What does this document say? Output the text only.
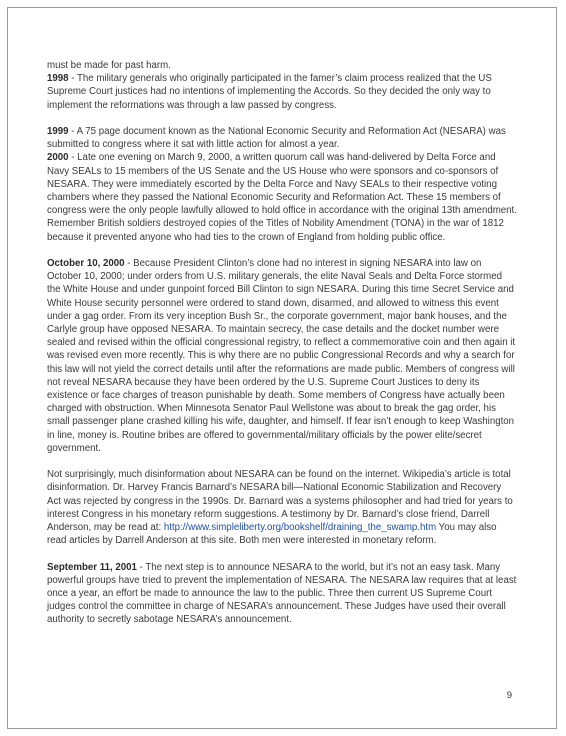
must be made for past harm.

1998 - The military generals who originally participated in the famer’s claim process realized that the US Supreme Court justices had no intentions of implementing the Accords. So they decided the only way to implement the reformations was through a law passed by congress.

1999 - A 75 page document known as the National Economic Security and Reformation Act (NESARA) was submitted to congress where it sat with little action for almost a year.

2000 - Late one evening on March 9, 2000, a written quorum call was hand-delivered by Delta Force and Navy SEALs to 15 members of the US Senate and the US House who were sponsors and co-sponsors of NESARA. They were immediately escorted by the Delta Force and Navy SEALs to their respective voting chambers where they passed the National Economic Security and Reformation Act. These 15 members of congress were the only people lawfully allowed to hold office in accordance with the original 13th amendment. Remember British soldiers destroyed copies of the Titles of Nobility Amendment (TONA) in the war of 1812 because it prevented anyone who had ties to the crown of England from holding public office.

October 10, 2000 - Because President Clinton’s clone had no interest in signing NESARA into law on October 10, 2000; under orders from U.S. military generals, the elite Naval Seals and Delta Force stormed the White House and under gunpoint forced Bill Clinton to sign NESARA. During this time Secret Service and White House security personnel were ordered to stand down, disarmed, and allowed to witness this event under a gag order. From its very inception Bush Sr., the corporate government, major bank houses, and the Carlyle group have opposed NESARA. To maintain secrecy, the case details and the docket number were sealed and revised within the official congressional registry, to reflect a commemorative coin and then again it was revised even more recently. This is why there are no public Congressional Records and why a search for this law will not yield the correct details until after the reformations are made public. Members of congress will not reveal NESARA because they have been ordered by the U.S. Supreme Court Justices to deny its existence or face charges of treason punishable by death. Some members of Congress have actually been charged with obstruction. When Minnesota Senator Paul Wellstone was about to break the gag order, his small passenger plane crashed killing his wife, daughter, and himself. If fear isn’t enough to keep Washington in line, money is. Routine bribes are offered to governmental/military officials by the power elite/secret government.

Not surprisingly, much disinformation about NESARA can be found on the internet. Wikipedia’s article is total disinformation. Dr. Harvey Francis Barnard’s NESARA bill—National Economic Stabilization and Recovery Act was rejected by congress in the 1990s. Dr. Barnard was a systems philosopher and had tried for years to interest Congress in his monetary reform suggestions. A testimony by Dr. Barnard’s close friend, Darrell Anderson, may be read at: http://www.simpleliberty.org/bookshelf/draining_the_swamp.htm You may also read articles by Darrell Anderson at this site. Both men were interested in monetary reform.

September 11, 2001 - The next step is to announce NESARA to the world, but it’s not an easy task. Many powerful groups have tried to prevent the implementation of NESARA. The NESARA law requires that at least once a year, an effort be made to announce the law to the public. Three then current US Supreme Court judges control the committee in charge of NESARA’s announcement. These Judges have used their overall authority to secretly sabotage NESARA’s announcement.

9
